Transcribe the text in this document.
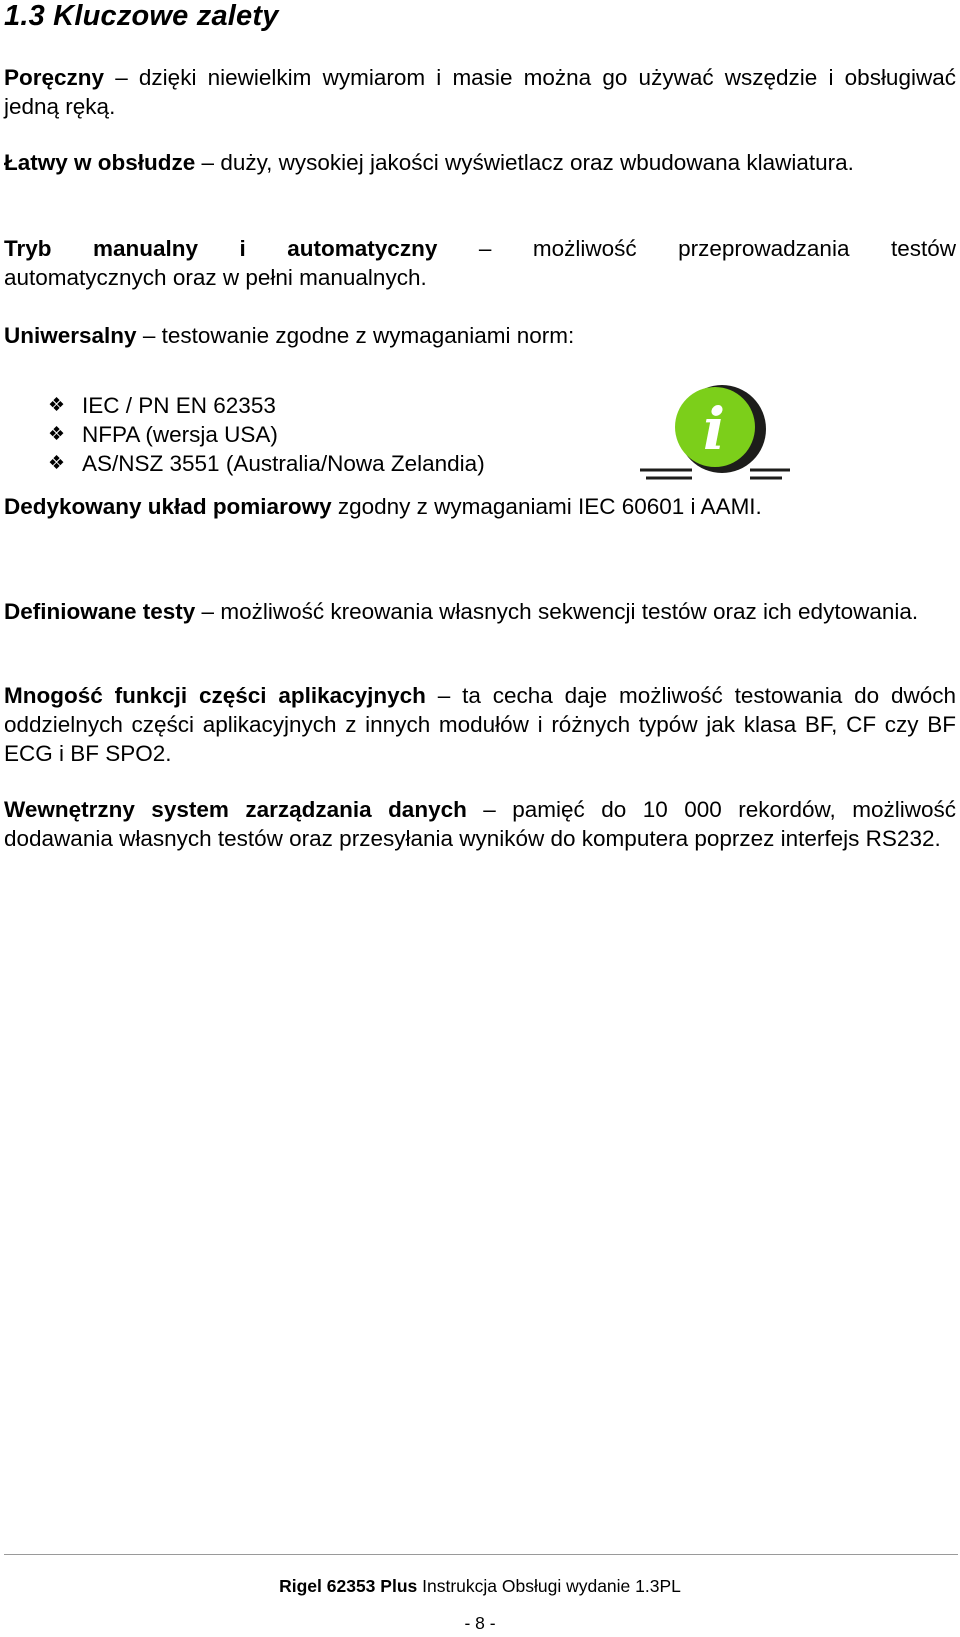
1.3 Kluczowe zalety

Poręczny – dzięki niewielkim wymiarom i masie można go używać wszędzie i obsługiwać jedną ręką.

Łatwy w obsłudze – duży, wysokiej jakości wyświetlacz oraz wbudowana klawiatura.

Tryb manualny i automatyczny – możliwość przeprowadzania testów
automatycznych oraz w pełni manualnych.

Uniwersalny – testowanie zgodne z wymaganiami norm:

❖ IEC / PN EN 62353
❖ NFPA (wersja USA)
❖ AS/NSZ 3551 (Australia/Nowa Zelandia)
i

Dedykowany układ pomiarowy zgodny z wymaganiami IEC 60601 i AAMI.

Definiowane testy – możliwość kreowania własnych sekwencji testów oraz ich edytowania.

Mnogość funkcji części aplikacyjnych – ta cecha daje możliwość testowania do dwóch oddzielnych części aplikacyjnych z innych modułów i różnych typów jak klasa BF, CF czy BF ECG i BF SPO2.

Wewnętrzny system zarządzania danych – pamięć do 10 000 rekordów, możliwość dodawania własnych testów oraz przesyłania wyników do komputera poprzez interfejs RS232.

Rigel 62353 Plus Instrukcja Obsługi wydanie 1.3PL
- 8 -
